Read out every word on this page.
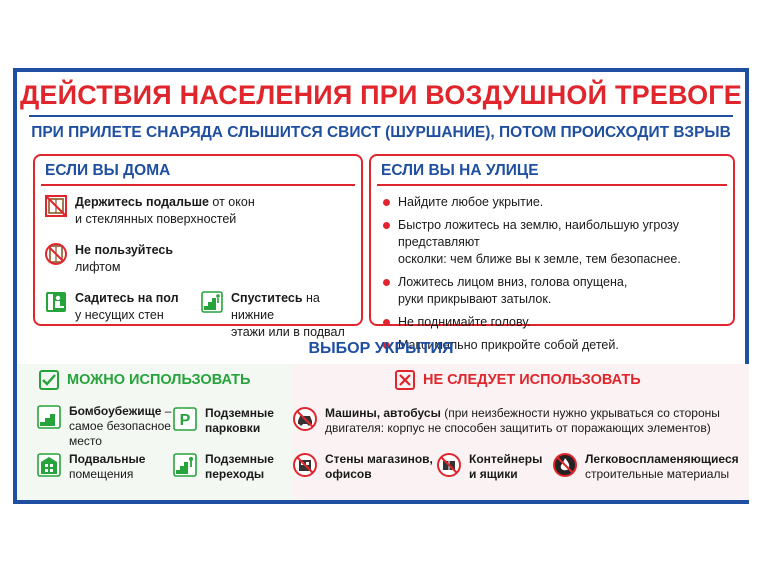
ДЕЙСТВИЯ НАСЕЛЕНИЯ ПРИ ВОЗДУШНОЙ ТРЕВОГЕ
ПРИ ПРИЛЕТЕ СНАРЯДА СЛЫШИТСЯ СВИСТ (ШУРШАНИЕ), ПОТОМ ПРОИСХОДИТ ВЗРЫВ
ЕСЛИ ВЫ ДОМА
Держитесь подальше от окон
и стеклянных поверхностей
Не пользуйтесь
лифтом
Садитесь на пол
у несущих стен
Спуститесь на нижние
этажи или в подвал
ЕСЛИ ВЫ НА УЛИЦЕ
Найдите любое укрытие.
Быстро ложитесь на землю, наибольшую угрозу представляют
осколки: чем ближе вы к земле, тем безопаснее.
Ложитесь лицом вниз, голова опущена,
руки прикрывают затылок.
Не поднимайте голову.
Максимально прикройте собой детей.
ВЫБОР УКРЫТИЯ
МОЖНО ИСПОЛЬЗОВАТЬ	НЕ СЛЕДУЕТ ИСПОЛЬЗОВАТЬ
Бомбоубежище –
самое безопасное
место
P Подземные
парковки
Подвальные
помещения
Подземные
переходы
Машины, автобусы (при неизбежности нужно укрываться со стороны
двигателя: корпус не способен защитить от поражающих элементов)
Стены магазинов,
офисов
Контейнеры
и ящики
Легковоспламеняющиеся
строительные материалы
